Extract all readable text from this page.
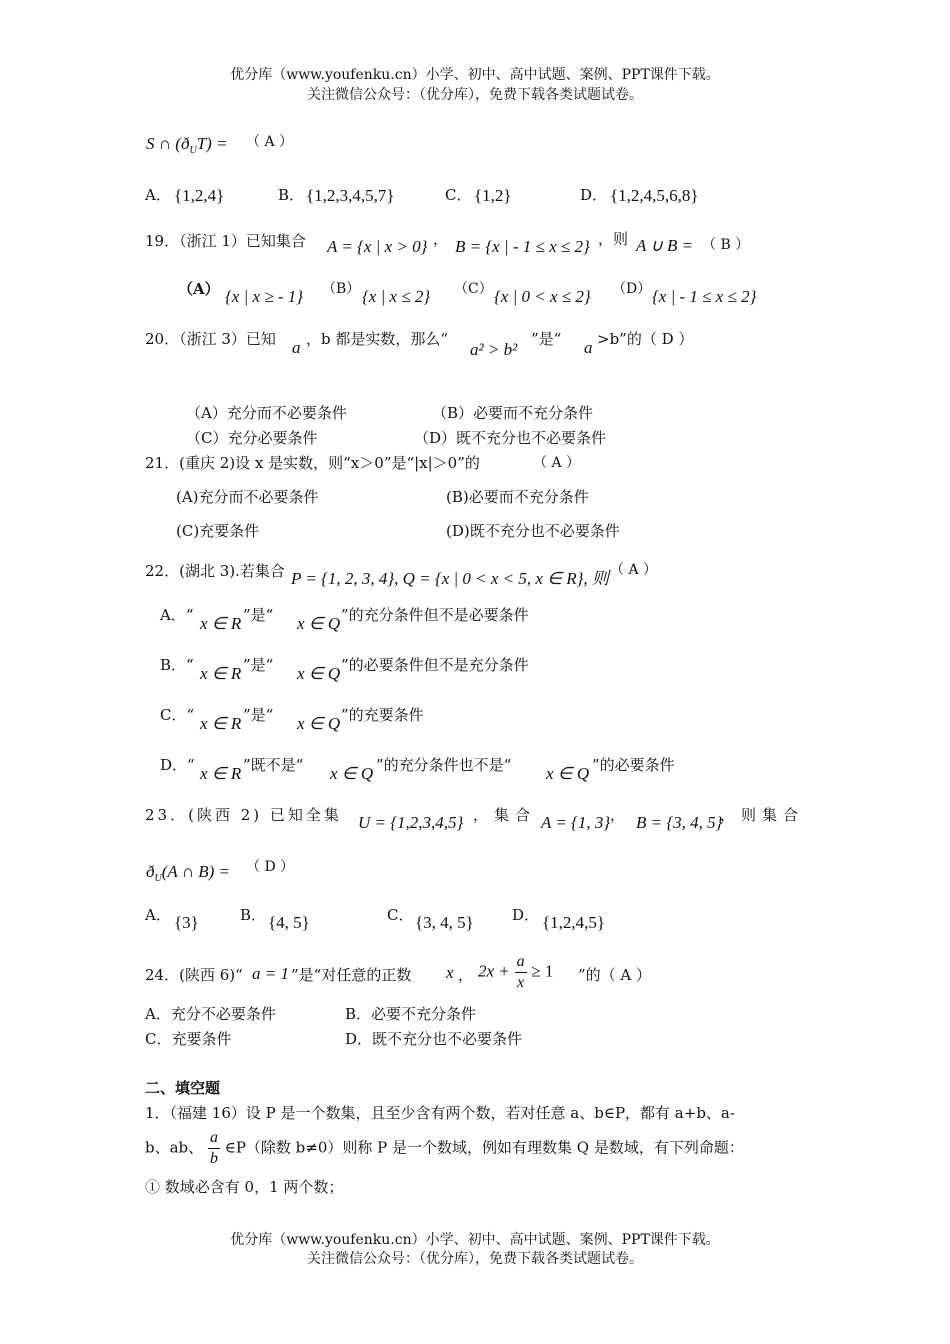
优分库（www.youfenku.cn）小学、初中、高中试题、案例、PPT课件下载。
关注微信公众号：（优分库），免费下载各类试题试卷。
S ∩ $(ð_UT)$ = （ A ）
A． {1,2,4}	B． {1,2,3,4,5,7}	C． {1,2}	D． {1,2,4,5,6,8}
19．（浙江 1）已知集合 A = {x | x > 0} ， B = {x | - 1 ≤ x ≤ 2} ，则 A ∪ B = （ B ）
（A） {x | x ≥ - 1} （B） {x | x ≤ 2} （C） {x | 0 < x ≤ 2} （D） {x | - 1 ≤ x ≤ 2}
20．（浙江 3）已知 a ，b 都是实数，那么“
a² > b²
”是“ a >b”的（ D ）
（A）充分而不必要条件	（B）必要而不充分条件
（C）充分必要条件	（D）既不充分也不必要条件
21．(重庆 2)设 x 是实数，则“x＞0”是“|x|＞0”的	（ A ）
(A)充分而不必要条件	(B)必要而不充分条件
(C)充要条件	(D)既不充分也不必要条件
22．(湖北 3).若集合 P = {1, 2, 3, 4}, Q = {x | 0 < x < 5, x ∈ R}, 则 （ A ）
A．“ x ∈ R ”是“ x ∈ Q ”的充分条件但不是必要条件
B．“ x ∈ R ”是“ x ∈ Q ”的必要条件但不是充分条件
C．“ x ∈ R ”是“ x ∈ Q ”的充要条件
D．“ x ∈ R ”既不是“ x ∈ Q ”的充分条件也不是“ x ∈ Q ”的必要条件
23．(陕西 2) 已知全集 U = {1,2,3,4,5} ，集合 A = {1, 3} ， B = {3, 4, 5}
，则集合
$ð_U(A$ ∩ B) = （ D ）
A． {3}	B． {4, 5}	C． {3, 4, 5}	D． {1,2,4,5}
24．(陕西 6)“ a = 1 ”是“对任意的正数 x ， $2x + \frac{a}{x} \ge 1$ ”的（ A ）
A．充分不必要条件	B．必要不充分条件
C．充要条件	D．既不充分也不必要条件
二、填空题
1．（福建 16）设 P 是一个数集，且至少含有两个数，若对任意 a、b∈P，都有 a+b、a-
b、ab、 $\frac{a}{b}$ ∈P（除数 b≠0）则称 P 是一个数域，例如有理数集 Q 是数域，有下列命题：
① 数域必含有 0，1 两个数；
优分库（www.youfenku.cn）小学、初中、高中试题、案例、PPT课件下载。
关注微信公众号：（优分库），免费下载各类试题试卷。
